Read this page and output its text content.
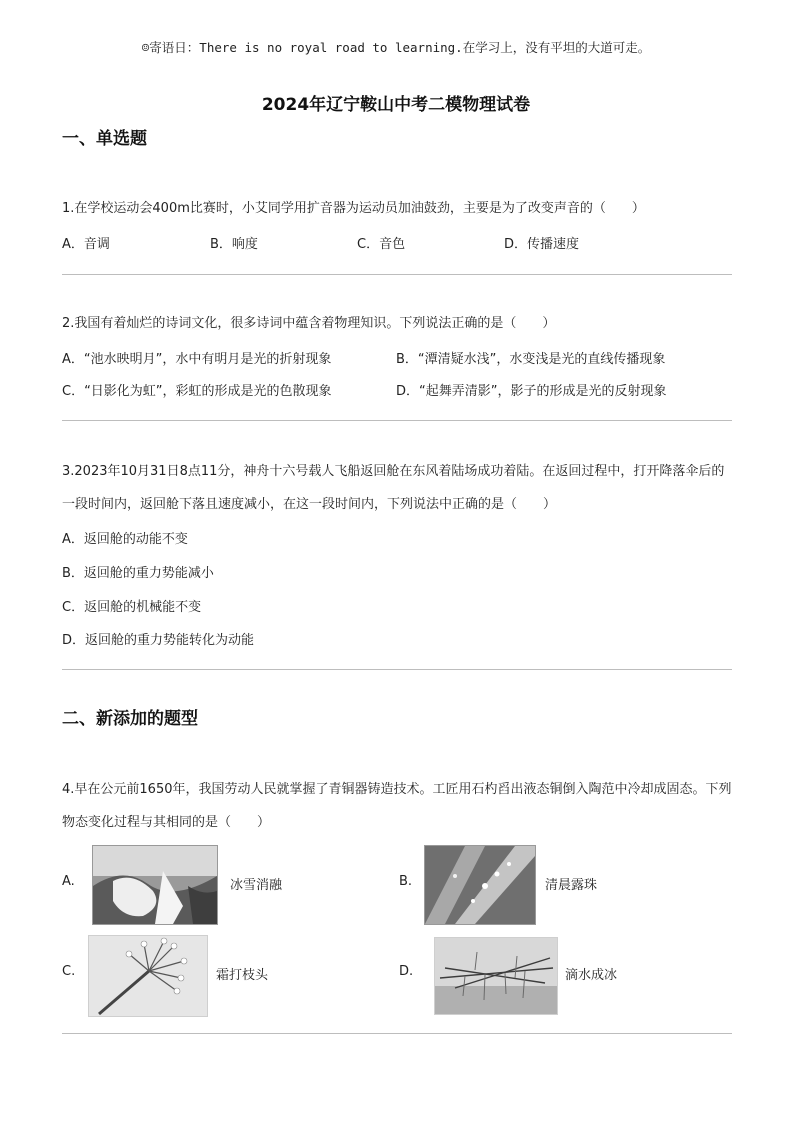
☺寄语日：There is no royal road to learning.在学习上，没有平坦的大道可走。
2024年辽宁鞍山中考二模物理试卷
一、单选题
1.在学校运动会400m比赛时，小艾同学用扩音器为运动员加油鼓劲，主要是为了改变声音的（　　）
A．音调	B．响度	C．音色	D．传播速度
2.我国有着灿烂的诗词文化，很多诗词中蕴含着物理知识。下列说法正确的是（　　）
A．“池水映明月”，水中有明月是光的折射现象	B．“潭清疑水浅”，水变浅是光的直线传播现象
C．“日影化为虹”，彩虹的形成是光的色散现象	D．“起舞弄清影”，影子的形成是光的反射现象
3.2023年10月31日8点11分，神舟十六号载人飞船返回舱在东风着陆场成功着陆。在返回过程中，打开降落伞后的一段时间内，返回舱下落且速度减小，在这一段时间内，下列说法中正确的是（　　）
A．返回舱的动能不变
B．返回舱的重力势能减小
C．返回舱的机械能不变
D．返回舱的重力势能转化为动能
二、新添加的题型
4.早在公元前1650年，我国劳动人民就掌握了青铜器铸造技术。工匠用石杓舀出液态铜倒入陶范中冷却成固态。下列物态变化过程与其相同的是（　　）
A.	冰雪消融	B.	清晨露珠
C.	霜打枝头	D.	滴水成冰
